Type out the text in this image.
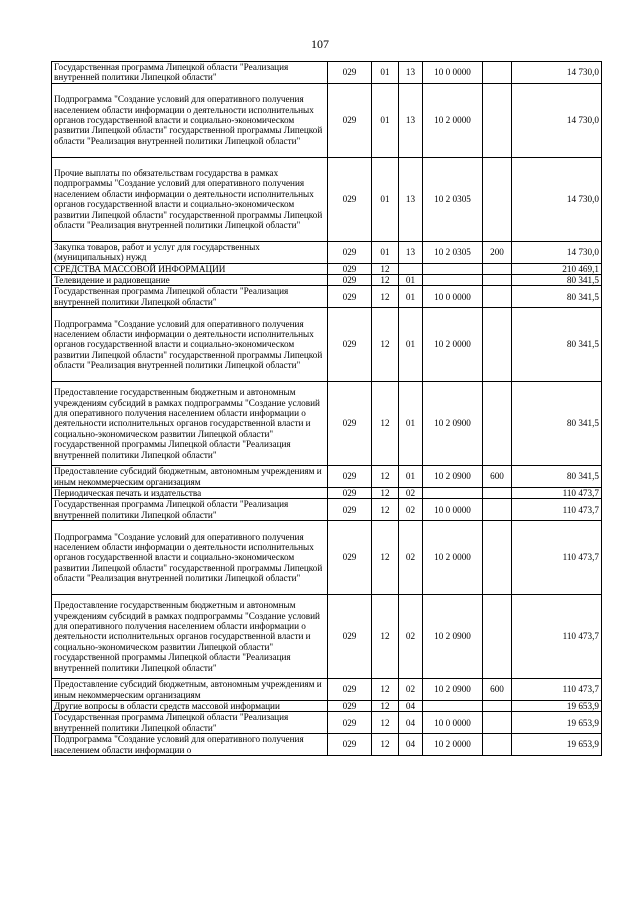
107
Государственная программа Липецкой области "Реализация внутренней политики Липецкой области"	029	01	13	10 0 0000		14 730,0
Подпрограмма "Создание условий для оперативного получения населением области информации о деятельности исполнительных органов государственной власти и социально-экономическом развитии Липецкой области" государственной программы Липецкой области "Реализация внутренней политики Липецкой области"	029	01	13	10 2 0000		14 730,0
Прочие выплаты по обязательствам государства в рамках подпрограммы "Создание условий для оперативного получения населением области информации о деятельности исполнительных органов государственной власти и социально-экономическом развитии Липецкой области" государственной программы Липецкой области "Реализация внутренней политики Липецкой области"	029	01	13	10 2 0305		14 730,0
Закупка товаров, работ и услуг для государственных (муниципальных) нужд	029	01	13	10 2 0305	200	14 730,0
СРЕДСТВА МАССОВОЙ ИНФОРМАЦИИ	029	12				210 469,1
Телевидение и радиовещание	029	12	01			80 341,5
Государственная программа Липецкой области "Реализация внутренней политики Липецкой области"	029	12	01	10 0 0000		80 341,5
Подпрограмма "Создание условий для оперативного получения населением области информации о деятельности исполнительных органов государственной власти и социально-экономическом развитии Липецкой области" государственной программы Липецкой области "Реализация внутренней политики Липецкой области"	029	12	01	10 2 0000		80 341,5
Предоставление государственным бюджетным и автономным учреждениям субсидий в рамках подпрограммы "Создание условий для оперативного получения населением области информации о деятельности исполнительных органов государственной власти и социально-экономическом развитии Липецкой области" государственной программы Липецкой области "Реализация внутренней политики Липецкой области"	029	12	01	10 2 0900		80 341,5
Предоставление субсидий бюджетным, автономным учреждениям и иным некоммерческим организациям	029	12	01	10 2 0900	600	80 341,5
Периодическая печать и издательства	029	12	02			110 473,7
Государственная программа Липецкой области "Реализация внутренней политики Липецкой области"	029	12	02	10 0 0000		110 473,7
Подпрограмма "Создание условий для оперативного получения населением области информации о деятельности исполнительных органов государственной власти и социально-экономическом развитии Липецкой области" государственной программы Липецкой области "Реализация внутренней политики Липецкой области"	029	12	02	10 2 0000		110 473,7
Предоставление государственным бюджетным и автономным учреждениям субсидий в рамках подпрограммы "Создание условий для оперативного получения населением области информации о деятельности исполнительных органов государственной власти и социально-экономическом развитии Липецкой области" государственной программы Липецкой области "Реализация внутренней политики Липецкой области"	029	12	02	10 2 0900		110 473,7
Предоставление субсидий бюджетным, автономным учреждениям и иным некоммерческим организациям	029	12	02	10 2 0900	600	110 473,7
Другие вопросы в области средств массовой информации	029	12	04			19 653,9
Государственная программа Липецкой области "Реализация внутренней политики Липецкой области"	029	12	04	10 0 0000		19 653,9
Подпрограмма "Создание условий для оперативного получения населением области информации о	029	12	04	10 2 0000		19 653,9
